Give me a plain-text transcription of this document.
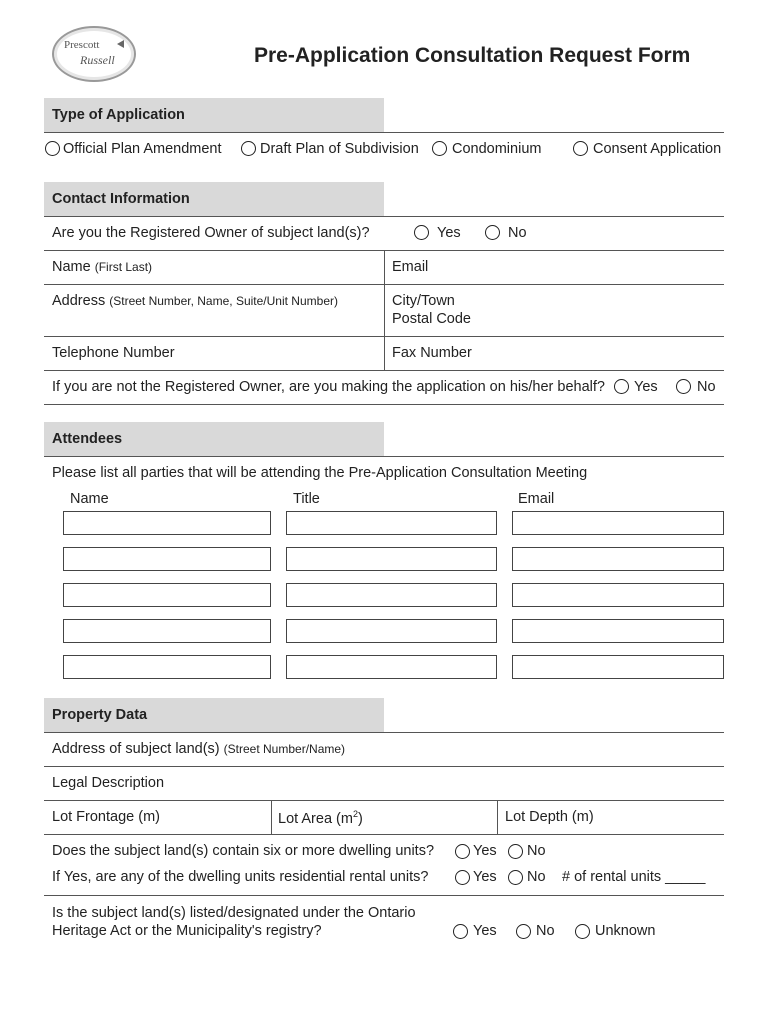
Prescott
Russell	Pre-Application Consultation Request Form
Type of Application
Official Plan Amendment	Draft Plan of Subdivision Condominium	Consent Application
Contact Information
Are you the Registered Owner of subject land(s)?	Yes	No
Name (First Last)	Email
Address (Street Number, Name, Suite/Unit Number)	City/Town
Postal Code
Telephone Number	Fax Number
If you are not the Registered Owner, are you making the application on his/her behalf? Yes	No
Attendees
Please list all parties that will be attending the Pre-Application Consultation Meeting
Name	Title	Email
Property Data
Address of subject land(s) (Street Number/Name)
Legal Description
Lot Frontage (m)	Lot Area $(m^2)$	Lot Depth (m)
Does the subject land(s) contain six or more dwelling units?	Yes No
If Yes, are any of the dwelling units residential rental units?	Yes No # of rental units _____
Is the subject land(s) listed/designated under the Ontario
Heritage Act or the Municipality's registry?	Yes	No	Unknown
